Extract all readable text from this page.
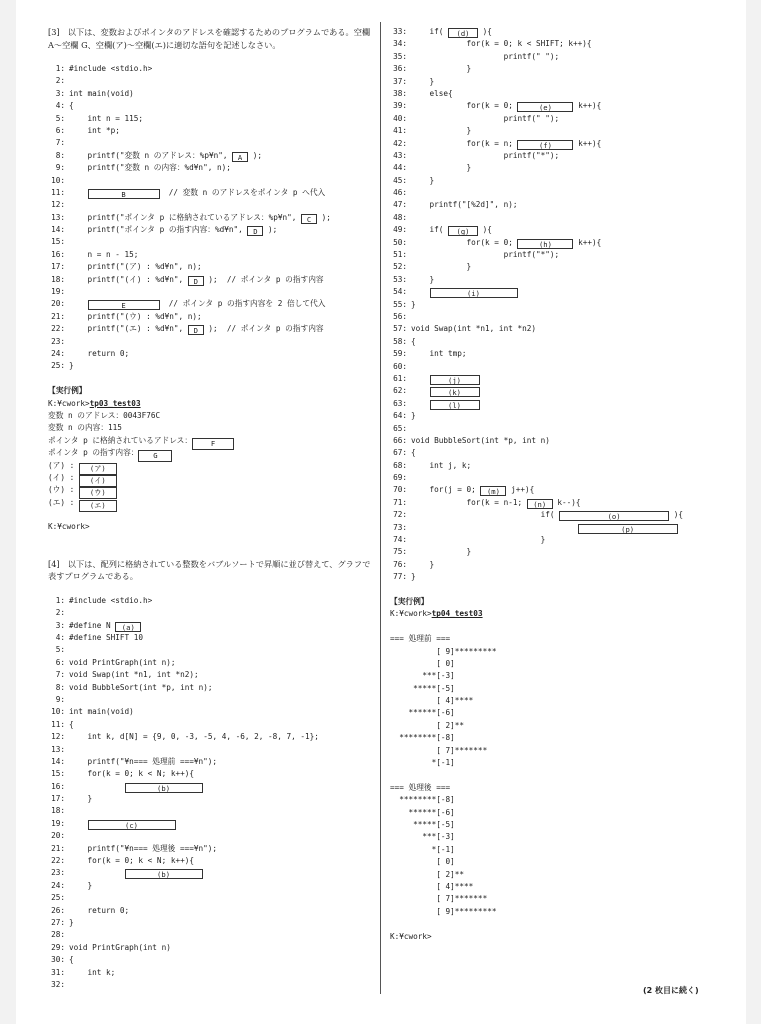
[3]　以下は、変数およびポインタのアドレスを確認するためのプログラムである。空欄 A～空欄 G、空欄(ア)～空欄(エ)に適切な語句を記述しなさい。

1: #include <stdio.h>
2:
3: int main(void)
4: {
5:    int n = 115;
6:    int *p;
7:
8:    printf("変数 n のアドレス：%p¥n", A );
9:    printf("変数 n の内容：%d¥n", n);
10:
11:	B	// 変数 n のアドレスをポインタ p へ代入
12:
13:    printf("ポインタ p に格納されているアドレス：%p¥n", C );
14:    printf("ポインタ p の指す内容：%d¥n", D );
15:
16:    n = n - 15;
17:    printf("(ア) : %d¥n", n);
18:    printf("(イ) : %d¥n", D );  // ポインタ p の指す内容
19:
20:	E	// ポインタ p の指す内容を 2 倍して代入
21:    printf("(ウ) : %d¥n", n);
22:    printf("(エ) : %d¥n", D );  // ポインタ p の指す内容
23:
24:    return 0;
25: }
【実行例】
K:¥cwork>tp03_test03
変数 n のアドレス：0043F76C
変数 n の内容：115
ポインタ p に格納されているアドレス：	F
ポインタ p の指す内容： G
(ア) : (ア)
(イ) : (イ)
(ウ) : (ウ)
(エ) : (エ)
K:¥cwork>

[4]　以下は、配列に格納されている整数をバブルソートで昇順に並び替えて、グラフで表すプログラムである。

1: #include <stdio.h>
2:
3: #define N (a)
4: #define SHIFT 10
5:
6: void PrintGraph(int n);
7: void Swap(int *n1, int *n2);
8: void BubbleSort(int *p, int n);
9:
10: int main(void)
11: {
12:    int k, d[N] = {9, 0, -3, -5, 4, -6, 2, -8, 7, -1};
13:
14:    printf("¥n=== 処理前 ===¥n");
15:    for(k = 0; k < N; k++){
16:	(b)
17:    }
18:
19:	(c)
20:
21:    printf("¥n=== 処理後 ===¥n");
22:    for(k = 0; k < N; k++){
23:	(b)
24:    }
25:
26:    return 0;
27: }
28:
29: void PrintGraph(int n)
30: {
31:    int k;
32:
33:    if( (d) ){
34:            for(k = 0; k < SHIFT; k++){
35:                    printf(" ");
36:            }
37:    }
38:    else{
39:            for(k = 0;	(e)	k++){
40:                    printf(" ");
41:            }
42:            for(k = n;	(f)	k++){
43:                    printf("*");
44:            }
45:    }
46:
47:    printf("[%2d]", n);
48:
49:    if( (g) ){
50:            for(k = 0;	(h)	k++){
51:                    printf("*");
52:            }
53:    }
54:	(i)
55: }
56:
57: void Swap(int *n1, int *n2)
58: {
59:    int tmp;
60:
61:	(j)
62:	(k)
63:	(l)
64: }
65:
66: void BubbleSort(int *p, int n)
67: {
68:    int j, k;
69:
70:    for(j = 0; (m) j++){
71:            for(k = n-1; (n) k--){
72:                            if(	(o)	){
73:	(p)
74:                            }
75:            }
76:    }
77: }
【実行例】
K:¥cwork>tp04_test03
=== 処理前 ===
[ 9]*********
[ 0]
***[-3]
*****[-5]
[ 4]****
******[-6]
[ 2]**
********[-8]
[ 7]*******
*[-1]
=== 処理後 ===
********[-8]
******[-6]
*****[-5]
***[-3]
*[-1]
[ 0]
[ 2]**
[ 4]****
[ 7]*******
[ 9]*********
K:¥cwork>
(2 枚目に続く)
